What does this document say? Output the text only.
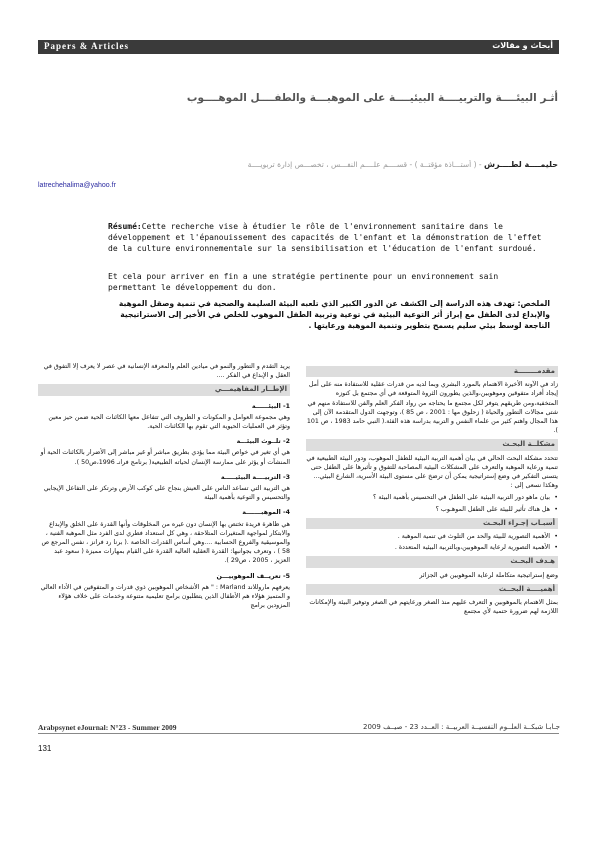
Papers & Articles	أبحاث و مقالات
أثـر البيئــــة والتربيــــة البيئيــــة على الموهبـــة والطفــــل الموهــــوب
حليمــــة لطــــرش - ( أستـــاذة مؤقتــة ) - قســــم علــــم النفـــس ، تخصـــص إدارة تربويــــة
latrechehalima@yahoo.fr
Résumé:Cette recherche vise à étudier le rôle de l'environnement sanitaire dans le développement et l'épanouissement des capacités de l'enfant et la démonstration de l'effet de la culture environnementale sur la sensibilisation et l'éducation de l'enfant surdoué.
Et cela pour arriver en fin a une stratégie pertinente pour un environnement sain permettant le développement du don.
الملخص: تهدف هذه الدراسة إلى الكشف عن الدور الكبير الذي تلعبه البيئة السليمة والصحية في تنمية وصقل الموهبة والإبداع لدى الطفل مع إبراز أثر التوعية البيئية في توعية وتربية الطفل الموهوب للخلص في الأخير إلى الاستراتيجية الناجعة لوسط بيئي سليم يسمح بتطوير وتنمية الموهبة ورعايتها .
مقدمــــــــة
زاد في الآونة الأخيرة الاهتمام بالمورد البشري وبما لديه من قدرات عقلية للاستفادة منه على أمل إيجاد أفراد متفوقين وموهوبين،والذين يطورون الثروة المتوقعة في أي مجتمع بل كنوزه المتخفية،ومن طريقهم يتوفر لكل مجتمع ما يحتاجه من رواد الفكر العلم والفن للاستفادة منهم في شتى مجالات التطور والحياة ( زحلوق مها : 2001 ، ص 85 )، وتوجهت الدول المتقدمة الآن إلى هذا المجال واهتم كثير من علماء النفس و التربية بدراسة هذه الفئة.( النبي حامد 1983 ، ص 101 ).
مشكلــة البحـث
تتحدد مشكلة البحث الحالي في بيان أهمية التربية البيئية للطفل الموهوب، ودور البيئة الطبيعية في تنمية ورعاية الموهبة والتعرف على المشكلات البيئية المصاحبة للتفوق و تأثيرها على الطفل حتى يتسنى التفكير في وضع إستراتيجية يمكن أن ترضخ على مستوى البيئة الأسرية، الشارع البيئي... وهكذا نسعى إلى :
• بيان ماهو دور التربية البيئية على الطفل في التحسيس بأهمية البيئة ؟
• هل هناك تأثير للبيئة على الطفل الموهـوب ؟
أسبـاب إجـراء البحـث
• الأهمية التصورية للبيئة والحد من التلوث في تنمية الموهبة .
• الأهمية التصورية لرعاية الموهوبين،وبالتربية البيئية المتعددة .
هـدف البحـث
وضع إستراتيجية متكاملة لرعاية الموهوبين في الجزائر
أهميــــة البحــث
بمثل الاهتمام بالموهوبين و التعرف عليهم منذ الصغر ورعايتهم في الصغر وتوفير البيئة والإمكانات اللازمة لهم ضرورة حتمية لأي مجتمع
يريد التقدم و التطور والنمو في ميادين العلم والمعرفة الإنسانية في عصر لا يعرف إلا التفوق في العقل و الإبداع في الفكر ....
الإطــار المفاهيمـــي
1- البيئــــــة
وهي مجموعة العوامل و المكونات و الظروف التي تتفاعل معها الكائنات الحية ضمن حيز معين وتؤثر في العمليات الحيوية التي تقوم بها الكائنات الحية.
2- تلــوث البيئـــة
هي أي تغير في خواص البيئة مما يؤدي بطريق مباشر أو غير مباشر إلى الأضرار بالكائنات الحية أو المنشآت أو يؤثر على ممارسة الإنسان لحياته الطبيعية( برنامج فرانـ 1996،ص50 ).
3- التربيــــة البيئيـــــة
هي التربية التي تساعد الناس على العيش بنجاح على كوكب الأرض وترتكز على التفاعل الإيجابي والتحسيس و التوعية بأهمية البيئة
4- الموهبـــــــة
هي ظاهرة فريدة تختص بها الإنسان دون غيره من المخلوقات وأنها القدرة على الخلق والإبداع والابتكار لمواجهة المتغيرات المتلاحقة ، وهي كل استعداد فطري لدى الفرد مثل الموهبة الفنية ، والموسيقية والفروع الحسابية ....وهي أساس القدرات الخاصة .( برنا رد فرانز ، نفس المرجع ص 58 ) ، وتعرف بجوانبها: القدرة العقلية العالية القدرة على القيام بمهارات مميزة ( سعود عبد العزيز ، 2005 ، ص29 ).
5- تعريــف الموهوبيـــن
يعرفهم ماروللاند Marland : " هم الأشخاص الموهوبين ذوي قدرات و المتفوقين في الأداء العالي و المتميز هؤلاء هم الأطفال الذين يتطلبون برامج تعليمية متنوعة وخدمات على خلاف هؤلاء المزودين برامج
Arabpsynet eJournal: N°23 - Summer 2009	جـابـا شبكــة العلــوم النفسيــة العربيــة : العــدد 23 - صيــف 2009
131
